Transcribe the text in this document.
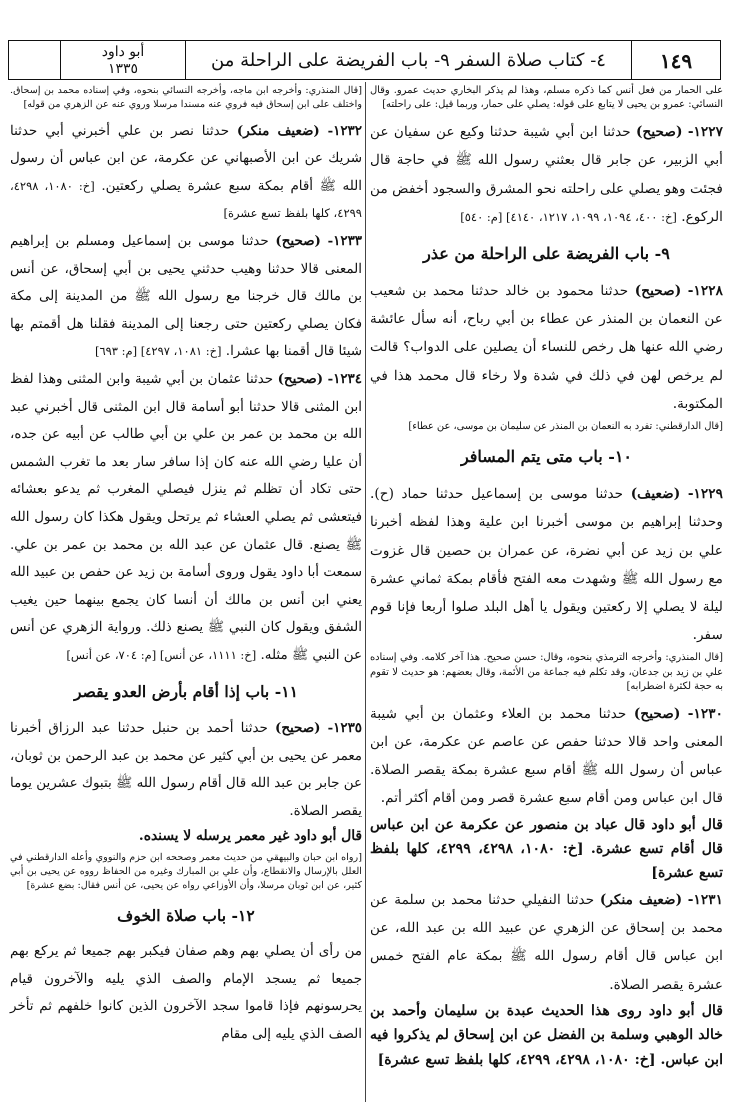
١٤٩
٤- كتاب صلاة السفر ٩- باب الفريضة على الراحلة من
أبو داود
١٣٣٥

على الحمار من فعل أنس كما ذكره مسلم، وهذا لم يذكر البخاري حديث عمرو. وقال النسائي: عمرو بن يحيى لا يتابع على قوله: يصلي على حمار، وربما قيل: على راحلته]

١٢٢٧- (صحيح) حدثنا ابن أبي شيبة حدثنا وكيع عن سفيان عن أبي الزبير، عن جابر قال بعثني رسول الله ﷺ في حاجة قال فجئت وهو يصلي على راحلته نحو المشرق والسجود أخفض من الركوع. [خ: ٤٠٠، ١٠٩٤، ١٠٩٩، ١٢١٧، ٤١٤٠] [م: ٥٤٠]

٩- باب الفريضة على الراحلة من عذر

١٢٢٨- (صحيح) حدثنا محمود بن خالد حدثنا محمد بن شعيب عن النعمان بن المنذر عن عطاء بن أبي رباح، أنه سأل عائشة رضي الله عنها هل رخص للنساء أن يصلين على الدواب؟ قالت لم يرخص لهن في ذلك في شدة ولا رخاء قال محمد هذا في المكتوبة.

[قال الدارقطني: تفرد به النعمان بن المنذر عن سليمان بن موسى، عن عطاء]

١٠- باب متى يتم المسافر

١٢٢٩- (ضعيف) حدثنا موسى بن إسماعيل حدثنا حماد (ح). وحدثنا إبراهيم بن موسى أخبرنا ابن علية وهذا لفظه أخبرنا علي بن زيد عن أبي نضرة، عن عمران بن حصين قال غزوت مع رسول الله ﷺ وشهدت معه الفتح فأقام بمكة ثماني عشرة ليلة لا يصلي إلا ركعتين ويقول يا أهل البلد صلوا أربعا فإنا قوم سفر.

[قال المنذري: وأخرجه الترمذي بنحوه، وقال: حسن صحيح. هذا آخر كلامه. وفي إسناده علي بن زيد بن جدعان، وقد تكلم فيه جماعة من الأئمة، وقال بعضهم: هو حديث لا تقوم به حجة لكثرة اضطرابه]

١٢٣٠- (صحيح) حدثنا محمد بن العلاء وعثمان بن أبي شيبة المعنى واحد قالا حدثنا حفص عن عاصم عن عكرمة، عن ابن عباس أن رسول الله ﷺ أقام سبع عشرة بمكة يقصر الصلاة. قال ابن عباس ومن أقام سبع عشرة قصر ومن أقام أكثر أتم.

قال أبو داود قال عباد بن منصور عن عكرمة عن ابن عباس قال أقام تسع عشرة. [خ: ١٠٨٠، ٤٢٩٨، ٤٢٩٩، كلها بلفظ تسع عشرة]

١٢٣١- (ضعيف منكر) حدثنا النفيلي حدثنا محمد بن سلمة عن محمد بن إسحاق عن الزهري عن عبيد الله بن عبد الله، عن ابن عباس قال أقام رسول الله ﷺ بمكة عام الفتح خمس عشرة يقصر الصلاة.

قال أبو داود روى هذا الحديث عبدة بن سليمان وأحمد بن خالد الوهبي وسلمة بن الفضل عن ابن إسحاق لم يذكروا فيه ابن عباس. [خ: ١٠٨٠، ٤٢٩٨، ٤٢٩٩، كلها بلفظ تسع عشرة]

[قال المنذري: وأخرجه ابن ماجه، وأخرجه النسائي بنحوه، وفي إسناده محمد بن إسحاق. واختلف على ابن إسحاق فيه فروي عنه مسندا مرسلا وروي عنه عن الزهري من قوله]

١٢٣٢- (ضعيف منكر) حدثنا نصر بن علي أخبرني أبي حدثنا شريك عن ابن الأصبهاني عن عكرمة، عن ابن عباس أن رسول الله ﷺ أقام بمكة سبع عشرة يصلي ركعتين. [خ: ١٠٨٠، ٤٢٩٨، ٤٢٩٩، كلها بلفظ تسع عشرة]

١٢٣٣- (صحيح) حدثنا موسى بن إسماعيل ومسلم بن إبراهيم المعنى قالا حدثنا وهيب حدثني يحيى بن أبي إسحاق، عن أنس بن مالك قال خرجنا مع رسول الله ﷺ من المدينة إلى مكة فكان يصلي ركعتين حتى رجعنا إلى المدينة فقلنا هل أقمتم بها شيئا قال أقمنا بها عشرا. [خ: ١٠٨١، ٤٢٩٧] [م: ٦٩٣]

١٢٣٤- (صحيح) حدثنا عثمان بن أبي شيبة وابن المثنى وهذا لفظ ابن المثنى قالا حدثنا أبو أسامة قال ابن المثنى قال أخبرني عبد الله بن محمد بن عمر بن علي بن أبي طالب عن أبيه عن جده، أن عليا رضي الله عنه كان إذا سافر سار بعد ما تغرب الشمس حتى تكاد أن تظلم ثم ينزل فيصلي المغرب ثم يدعو بعشائه فيتعشى ثم يصلي العشاء ثم يرتحل ويقول هكذا كان رسول الله ﷺ يصنع. قال عثمان عن عبد الله بن محمد بن عمر بن علي. سمعت أبا داود يقول وروى أسامة بن زيد عن حفص بن عبيد الله يعني ابن أنس بن مالك أن أنسا كان يجمع بينهما حين يغيب الشفق ويقول كان النبي ﷺ يصنع ذلك. ورواية الزهري عن أنس عن النبي ﷺ مثله. [خ: ١١١١، عن أنس] [م: ٧٠٤، عن أنس]

١١- باب إذا أقام بأرض العدو يقصر

١٢٣٥- (صحيح) حدثنا أحمد بن حنبل حدثنا عبد الرزاق أخبرنا معمر عن يحيى بن أبي كثير عن محمد بن عبد الرحمن بن ثوبان، عن جابر بن عبد الله قال أقام رسول الله ﷺ بتبوك عشرين يوما يقصر الصلاة.

قال أبو داود غير معمر يرسله لا يسنده.

[رواه ابن حبان والبيهقي من حديث معمر وصححه ابن حزم والنووي وأعله الدارقطني في العلل بالإرسال والانقطاع، وأن علي بن المبارك وغيره من الحفاظ رووه عن يحيى بن أبي كثير، عن ابن ثوبان مرسلا، وأن الأوزاعي رواه عن يحيى، عن أنس فقال: بضع عشرة]

١٢- باب صلاة الخوف

من رأى أن يصلي بهم وهم صفان فيكبر بهم جميعا ثم يركع بهم جميعا ثم يسجد الإمام والصف الذي يليه والآخرون قيام يحرسونهم فإذا قاموا سجد الآخرون الذين كانوا خلفهم ثم تأخر الصف الذي يليه إلى مقام
